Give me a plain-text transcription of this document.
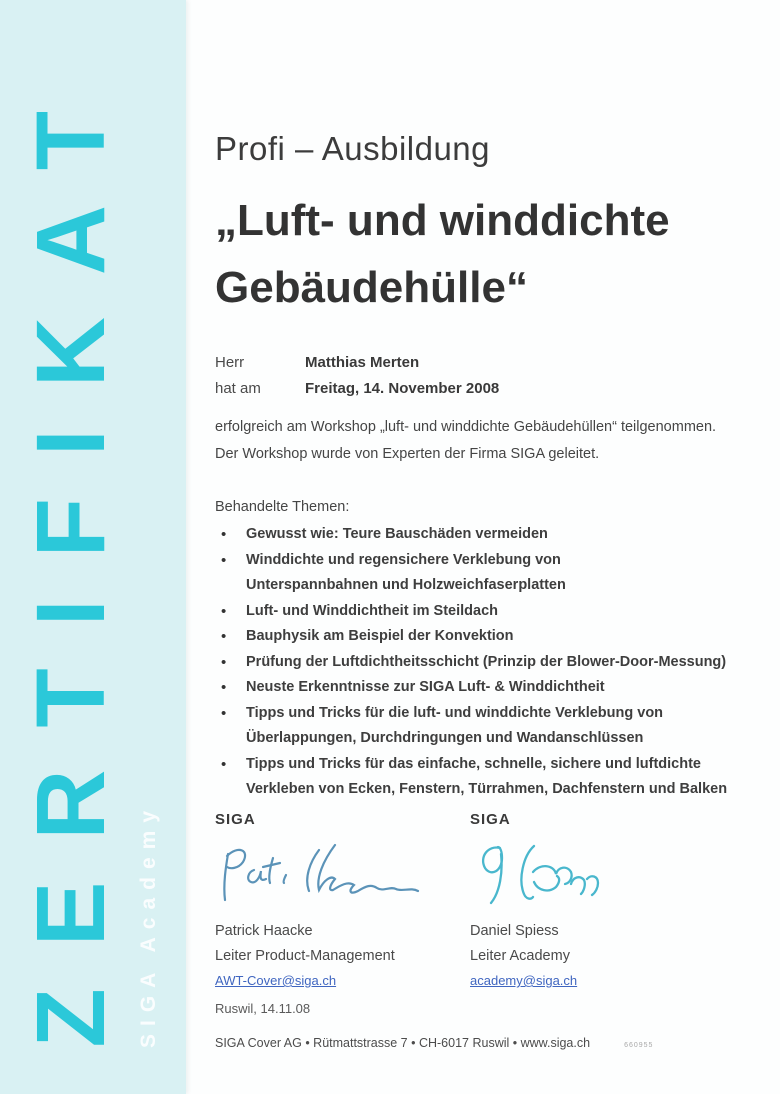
ZERTIFIKAT SIGA Academy
Profi – Ausbildung
„Luft- und winddichte
Gebäudehülle“
Herr	Matthias Merten
hat am	Freitag, 14. November 2008
erfolgreich am Workshop „luft- und winddichte Gebäudehüllen“ teilgenommen.
Der Workshop wurde von Experten der Firma SIGA geleitet.
Behandelte Themen:
• Gewusst wie: Teure Bauschäden vermeiden
• Winddichte und regensichere Verklebung von
Unterspannbahnen und Holzweichfaserplatten
• Luft- und Winddichtheit im Steildach
• Bauphysik am Beispiel der Konvektion
• Prüfung der Luftdichtheitsschicht (Prinzip der Blower-Door-Messung)
• Neuste Erkenntnisse zur SIGA Luft- & Winddichtheit
• Tipps und Tricks für die luft- und winddichte Verklebung von
Überlappungen, Durchdringungen und Wandanschlüssen
• Tipps und Tricks für das einfache, schnelle, sichere und luftdichte
Verkleben von Ecken, Fenstern, Türrahmen, Dachfenstern und Balken
SIGA
Patrick Haacke
Leiter Product-Management
AWT-Cover@siga.ch
Ruswil, 14.11.08
SIGA
Daniel Spiess
Leiter Academy
academy@siga.ch
SIGA Cover AG • Rütmattstrasse 7 • CH-6017 Ruswil • www.siga.ch	660955
